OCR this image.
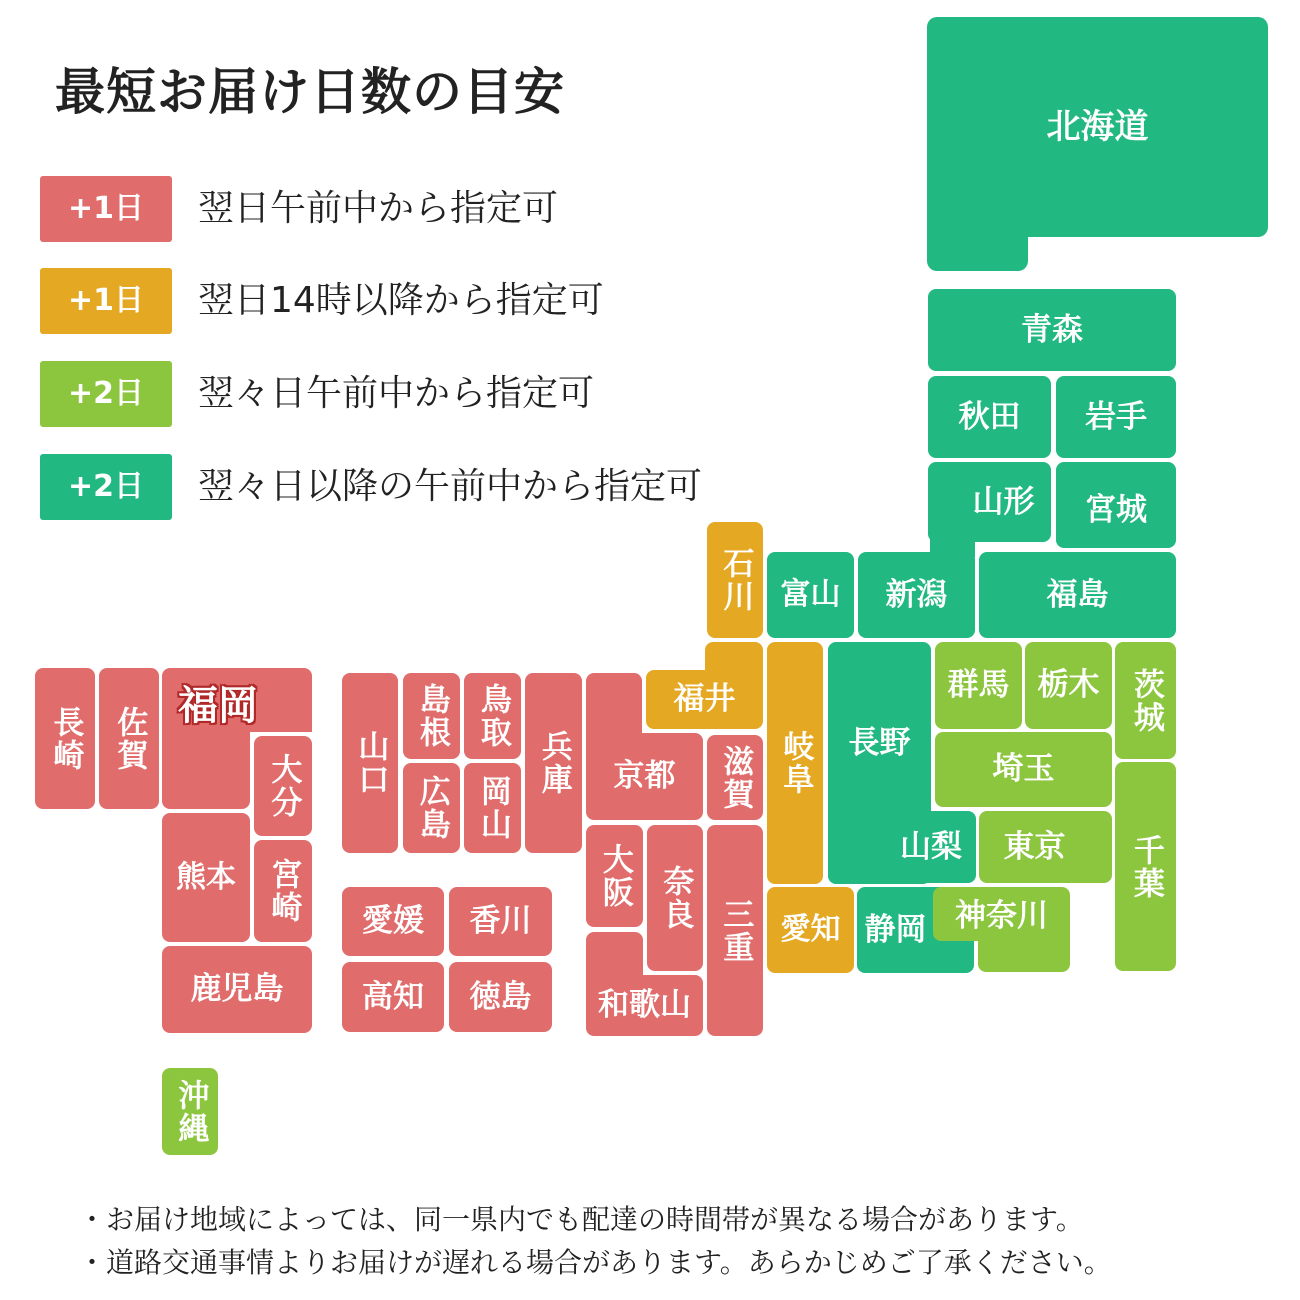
最短お届け日数の目安
+1日	翌日午前中から指定可
+1日	翌日14時以降から指定可
+2日	翌々日午前中から指定可
+2日	翌々日以降の午前中から指定可
北海道
青森
秋田 岩手
山形 宮城
新潟	福島
富山
石川
長崎 佐賀 福岡
大分
熊本 宮崎
鹿児島
沖縄
山口
島根 鳥取
広島 岡山
兵庫
愛媛 香川
高知 徳島
京都
福井
滋賀
大阪 奈良 三重
和歌山
岐阜
愛知
長野
静岡
山梨
群馬 栃木 茨城
埼玉
東京
神奈川
千葉
・お届け地域によっては、同一県内でも配達の時間帯が異なる場合があります。
・道路交通事情よりお届けが遅れる場合があります。あらかじめご了承ください。
